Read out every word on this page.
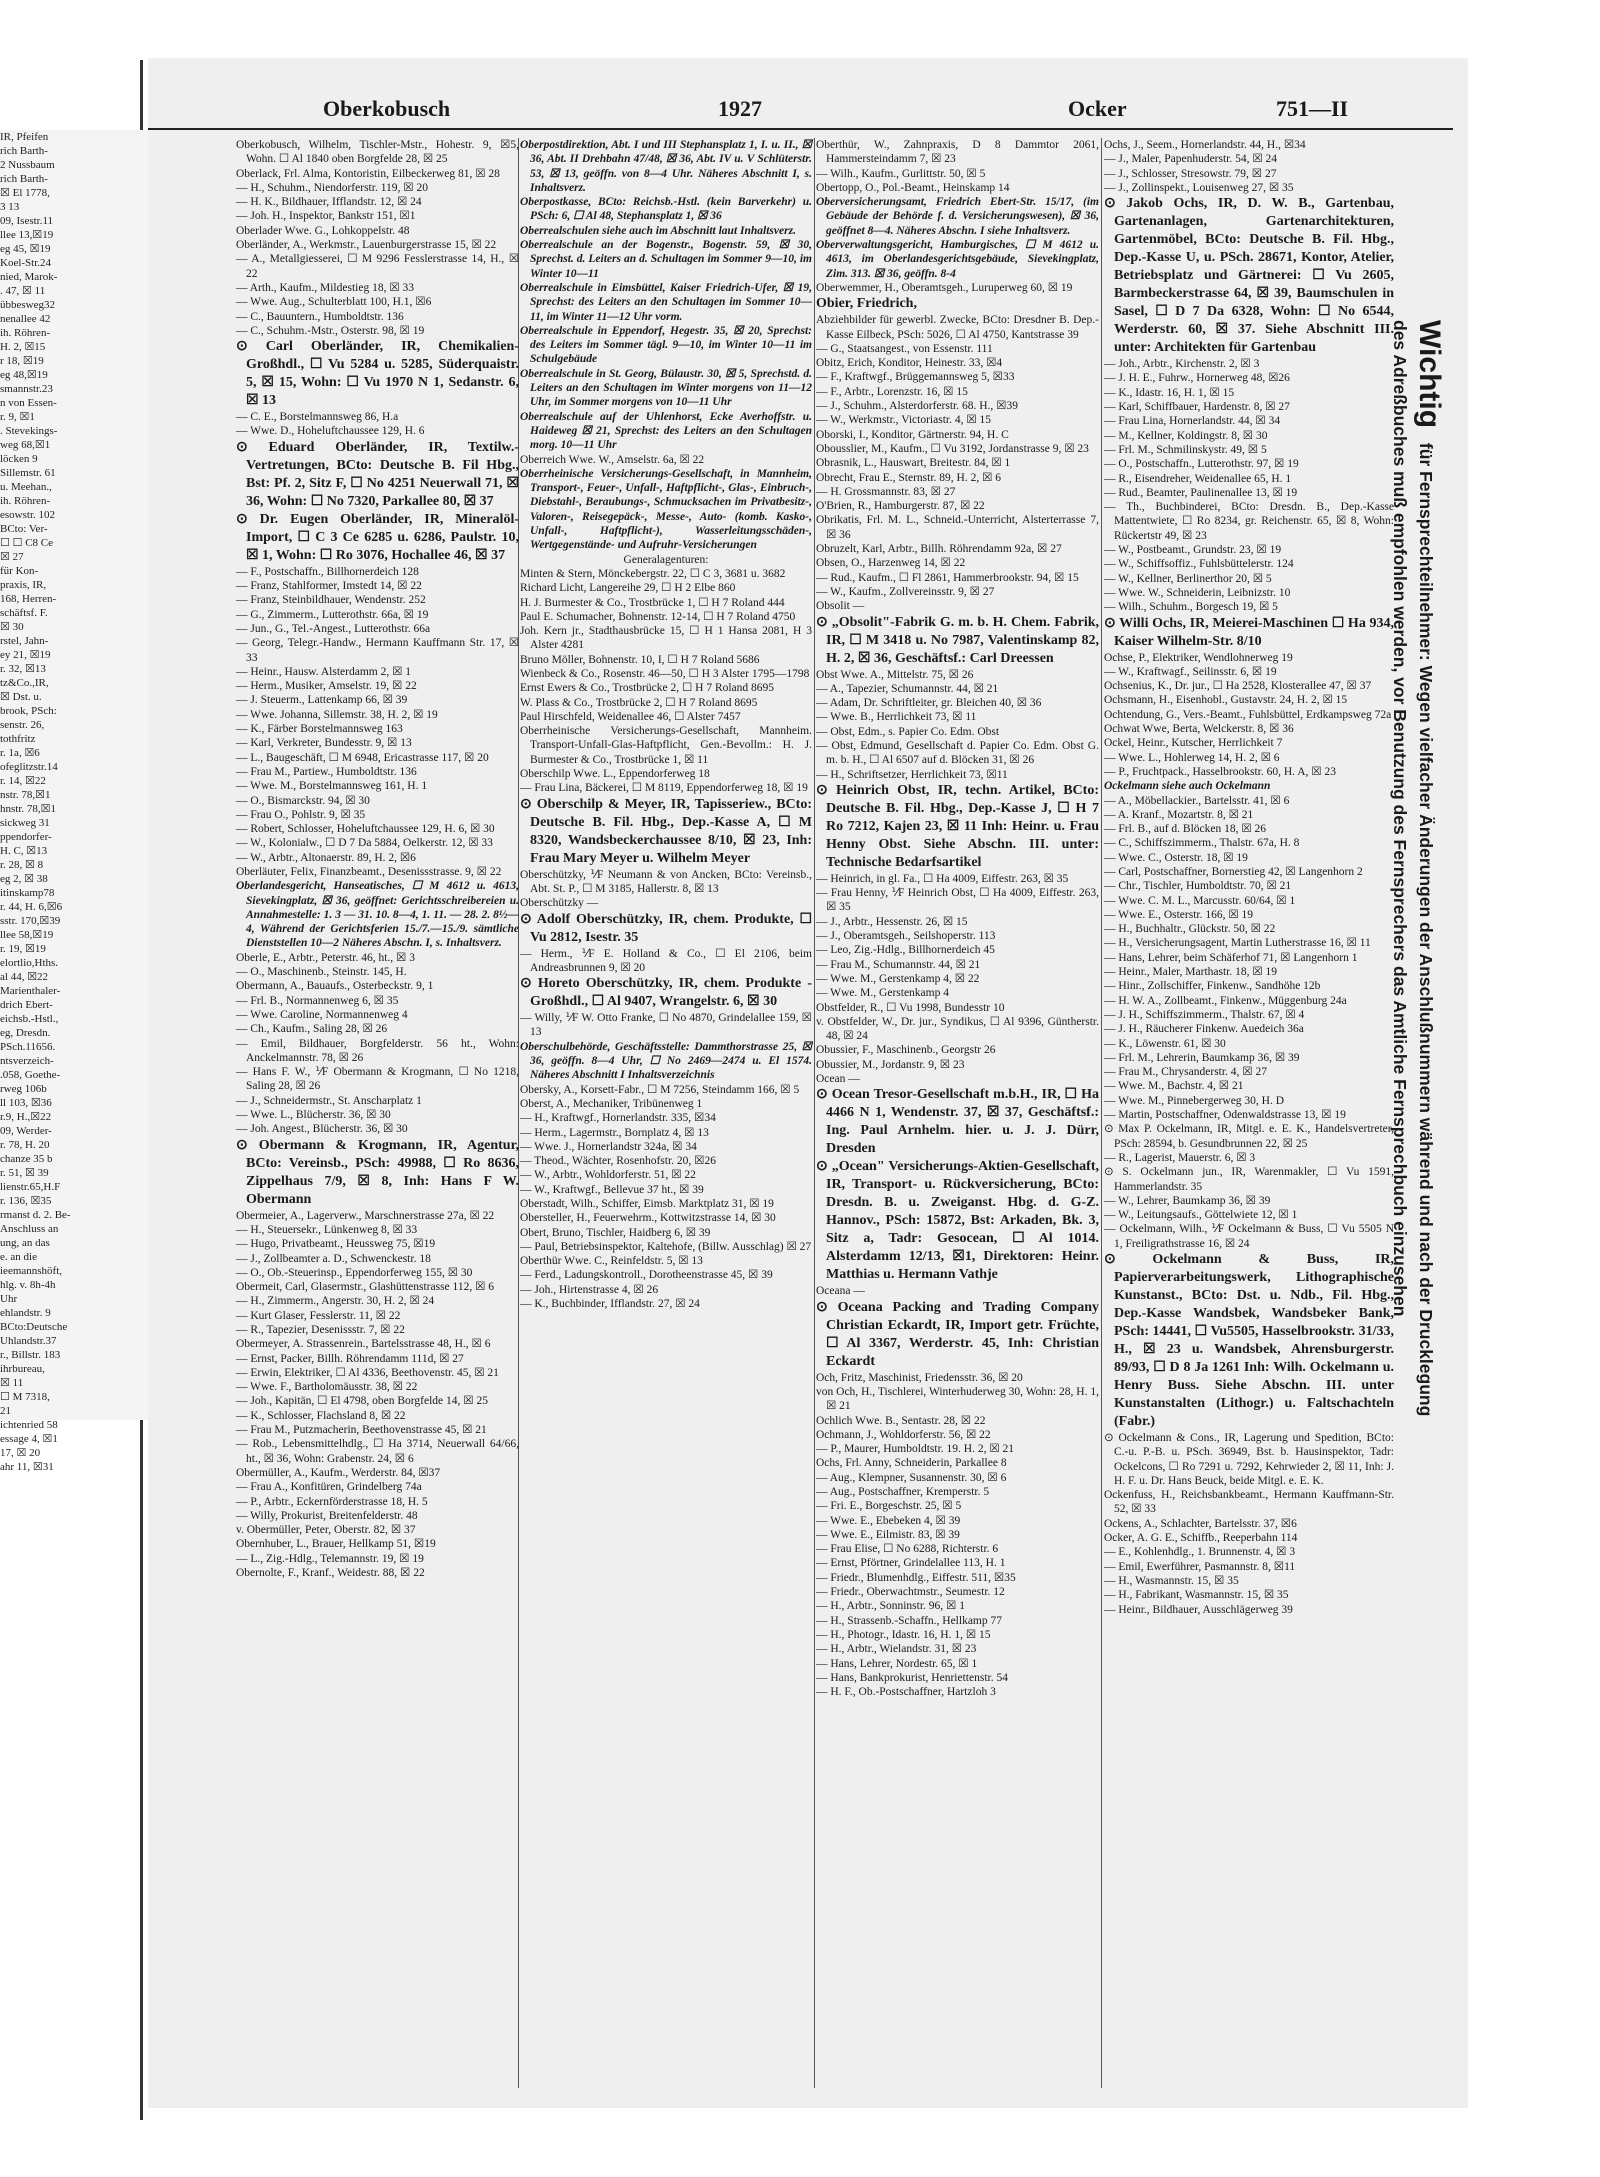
IR, Pfeifen
rich Barth-
2 Nussbaum
rich Barth-
☒ El 1778,
3 13
09, Isestr.11
llee 13,☒19
eg 45, ☒19
Koel-Str.24
nied, Marok-
. 47, ☒ 11
übbesweg32
nenallee 42
ih. Röhren-
H. 2, ☒15
r 18, ☒19
eg 48,☒19
smannstr.23
n von Essen-
r. 9, ☒1
. Stevekings-
weg 68,☒1
löcken 9
Sillemstr. 61
u. Meehan.,
ih. Röhren-
esowstr. 102
BCto: Ver-
☐ ☐ C8 Ce
☒ 27
für Kon-
praxis, IR,
168, Herren-
schäftsf. F.
☒ 30
rstel, Jahn-
ey 21, ☒19
r. 32, ☒13
tz&Co.,IR,
☒ Dst. u.
brook, PSch:
senstr. 26,
tothfritz
r. 1a, ☒6
ofeglitzstr.14
r. 14, ☒22
nstr. 78,☒1
hnstr. 78,☒1
sickweg 31
ppendorfer-
H. C, ☒13
r. 28, ☒ 8
eg 2, ☒ 38
itinskamp78
r. 44, H. 6,☒6
sstr. 170,☒39
llee 58,☒19
r. 19, ☒19
elortlio,Hths.
al 44, ☒22
Marienthaler-
drich Ebert-
eichsb.-Hstl.,
eg, Dresdn.
PSch.11656.
ntsverzeich-
.058, Goethe-
rweg 106b
ll 103, ☒36
r.9, H.,☒22
09, Werder-
r. 78, H. 20
chanze 35 b
r. 51, ☒ 39
lienstr.65,H.F
r. 136, ☒35
rmanst d. 2. Be-
Anschluss an
ung, an das
e. an die
ieemannshöft,
hlg. v. 8h-4h
Uhr
ehlandstr. 9
BCto:Deutsche
Uhlandstr.37
r., Billstr. 183
ihrbureau,
☒ 11
☐ M 7318,
21
ichtenried 58
essage 4, ☒1
17, ☒ 20
ahr 11, ☒31
Oberkobusch	1927	Ocker	751—II

Oberkobusch, Wilhelm, Tischler-Mstr., Hohestr. 9, ☒5, Wohn. ☐ Al 1840 oben Borgfelde 28, ☒ 25

Oberlack, Frl. Alma, Kontoristin, Eilbeckerweg 81, ☒ 28

— H., Schuhm., Niendorferstr. 119, ☒ 20

— H. K., Bildhauer, Ifflandstr. 12, ☒ 24

— Joh. H., Inspektor, Bankstr 151, ☒1

Oberlader Wwe. G., Lohkoppelstr. 48

Oberländer, A., Werkmstr., Lauenburgerstrasse 15, ☒ 22

— A., Metallgiesserei, ☐ M 9296 Fesslerstrasse 14, H., ☒ 22

— Arth., Kaufm., Mildestieg 18, ☒ 33

— Wwe. Aug., Schulterblatt 100, H.1, ☒6

— C., Bauuntern., Humboldtstr. 136

— C., Schuhm.-Mstr., Osterstr. 98, ☒ 19

⊙ Carl Oberländer, IR, Chemikalien-Großhdl., ☐ Vu 5284 u. 5285, Süderquaistr. 5, ☒ 15, Wohn: ☐ Vu 1970 N 1, Sedanstr. 6, ☒ 13

— C. E., Borstelmannsweg 86, H.a

— Wwe. D., Hoheluftchaussee 129, H. 6

⊙ Eduard Oberländer, IR, Textilw.-Vertretungen, BCto: Deutsche B. Fil Hbg., Bst: Pf. 2, Sitz F, ☐ No 4251 Neuerwall 71, ☒ 36, Wohn: ☐ No 7320, Parkallee 80, ☒ 37

⊙ Dr. Eugen Oberländer, IR, Mineralöl-Import, ☐ C 3 Ce 6285 u. 6286, Paulstr. 10, ☒ 1, Wohn: ☐ Ro 3076, Hochallee 46, ☒ 37

— F., Postschaffn., Billhornerdeich 128

— Franz, Stahlformer, Imstedt 14, ☒ 22

— Franz, Steinbildhauer, Wendenstr. 252

— G., Zimmerm., Lutterothstr. 66a, ☒ 19

— Jun., G., Tel.-Angest., Lutterothstr. 66a

— Georg, Telegr.-Handw., Hermann Kauffmann Str. 17, ☒ 33

— Heinr., Hausw. Alsterdamm 2, ☒ 1

— Herm., Musiker, Amselstr. 19, ☒ 22

— J. Steuerm., Lattenkamp 66, ☒ 39

— Wwe. Johanna, Sillemstr. 38, H. 2, ☒ 19

— K., Färber Borstelmannsweg 163

— Karl, Verkreter, Bundesstr. 9, ☒ 13

— L., Baugeschäft, ☐ M 6948, Ericastrasse 117, ☒ 20

— Frau M., Partiew., Humboldtstr. 136

— Wwe. M., Borstelmannsweg 161, H. 1

— O., Bismarckstr. 94, ☒ 30

— Frau O., Pohlstr. 9, ☒ 35

— Robert, Schlosser, Hoheluftchaussee 129, H. 6, ☒ 30

— W., Kolonialw., ☐ D 7 Da 5884, Oelkerstr. 12, ☒ 33

— W., Arbtr., Altonaerstr. 89, H. 2, ☒6

Oberläuter, Felix, Finanzbeamt., Desenissstrasse. 9, ☒ 22

Oberlandesgericht, Hanseatisches, ☐ M 4612 u. 4613, Sievekingplatz, ☒ 36, geöffnet: Gerichtsschreibereien u. Annahmestelle: 1. 3 — 31. 10. 8—4, 1. 11. — 28. 2. 8½—4, Während der Gerichtsferien 15./7.—15./9. sämtliche Dienststellen 10—2 Näheres Abschn. I, s. Inhaltsverz.

Oberle, E., Arbtr., Peterstr. 46, ht., ☒ 3

— O., Maschinenb., Steinstr. 145, H.

Obermann, A., Bauaufs., Osterbeckstr. 9, 1

— Frl. B., Normannenweg 6, ☒ 35

— Wwe. Caroline, Normannenweg 4

— Ch., Kaufm., Saling 28, ☒ 26

— Emil, Bildhauer, Borgfelderstr. 56 ht., Wohn: Anckelmannstr. 78, ☒ 26

— Hans F. W., ⅟F Obermann & Krogmann, ☐ No 1218, Saling 28, ☒ 26

— J., Schneidermstr., St. Anscharplatz 1

— Wwe. L., Blücherstr. 36, ☒ 30

— Joh. Angest., Blücherstr. 36, ☒ 30

⊙ Obermann & Krogmann, IR, Agentur, BCto: Vereinsb., PSch: 49988, ☐ Ro 8636, Zippelhaus 7/9, ☒ 8, Inh: Hans F W. Obermann

Obermeier, A., Lagerverw., Marschnerstrasse 27a, ☒ 22

— H., Steuersekr., Lünkenweg 8, ☒ 33

— Hugo, Privatbeamt., Heussweg 75, ☒19

— J., Zollbeamter a. D., Schwenckestr. 18

— O., Ob.-Steuerinsp., Eppendorferweg 155, ☒ 30

Obermeit, Carl, Glasermstr., Glashüttenstrasse 112, ☒ 6

— H., Zimmerm., Angerstr. 30, H. 2, ☒ 24

— Kurt Glaser, Fesslerstr. 11, ☒ 22

— R., Tapezier, Desenissstr. 7, ☒ 22

Obermeyer, A. Strassenrein., Bartelsstrasse 48, H., ☒ 6

— Ernst, Packer, Billh. Röhrendamm 111d, ☒ 27

— Erwin, Elektriker, ☐ Al 4336, Beethovenstr. 45, ☒ 21

— Wwe. F., Bartholomäusstr. 38, ☒ 22

— Joh., Kapitän, ☐ El 4798, oben Borgfelde 14, ☒ 25

— K., Schlosser, Flachsland 8, ☒ 22

— Frau M., Putzmacherin, Beethovenstrasse 45, ☒ 21

— Rob., Lebensmittelhdlg., ☐ Ha 3714, Neuerwall 64/66, ht., ☒ 36, Wohn: Grabenstr. 24, ☒ 6

Obermüller, A., Kaufm., Werderstr. 84, ☒37

— Frau A., Konfitüren, Grindelberg 74a

— P., Arbtr., Eckernförderstrasse 18, H. 5

— Willy, Prokurist, Breitenfelderstr. 48

v. Obermüller, Peter, Oberstr. 82, ☒ 37

Obernhuber, L., Brauer, Hellkamp 51, ☒19

— L., Zig.-Hdlg., Telemannstr. 19, ☒ 19

Obernolte, F., Kranf., Weidestr. 88, ☒ 22

Oberpostdirektion, Abt. I und III Stephansplatz 1, I. u. II., ☒ 36, Abt. II Drehbahn 47/48, ☒ 36, Abt. IV u. V Schlüterstr. 53, ☒ 13, geöffn. von 8—4 Uhr. Näheres Abschnitt I, s. Inhaltsverz.

Oberpostkasse, BCto: Reichsb.-Hstl. (kein Barverkehr) u. PSch: 6, ☐ Al 48, Stephansplatz 1, ☒ 36

Oberrealschulen siehe auch im Abschnitt laut Inhaltsverz.

Oberrealschule an der Bogenstr., Bogenstr. 59, ☒ 30, Sprechst. d. Leiters an d. Schultagen im Sommer 9—10, im Winter 10—11

Oberrealschule in Eimsbüttel, Kaiser Friedrich-Ufer, ☒ 19, Sprechst: des Leiters an den Schultagen im Sommer 10—11, im Winter 11—12 Uhr vorm.

Oberrealschule in Eppendorf, Hegestr. 35, ☒ 20, Sprechst: des Leiters im Sommer tägl. 9—10, im Winter 10—11 im Schulgebäude

Oberrealschule in St. Georg, Bülaustr. 30, ☒ 5, Sprechstd. d. Leiters an den Schultagen im Winter morgens von 11—12 Uhr, im Sommer morgens von 10—11 Uhr

Oberrealschule auf der Uhlenhorst, Ecke Averhoffstr. u. Haideweg ☒ 21, Sprechst: des Leiters an den Schultagen morg. 10—11 Uhr

Oberreich Wwe. W., Amselstr. 6a, ☒ 22

Oberrheinische Versicherungs-Gesellschaft, in Mannheim, Transport-, Feuer-, Unfall-, Haftpflicht-, Glas-, Einbruch-, Diebstahl-, Beraubungs-, Schmucksachen im Privatbesitz-, Valoren-, Reisegepäck-, Messe-, Auto- (komb. Kasko-, Unfall-, Haftpflicht-), Wasserleitungsschäden-, Wertgegenstände- und Aufruhr-Versicherungen

Generalagenturen:

Minten & Stern, Mönckebergstr. 22, ☐ C 3, 3681 u. 3682

Richard Licht, Langereihe 29, ☐ H 2 Elbe 860

H. J. Burmester & Co., Trostbrücke 1, ☐ H 7 Roland 444

Paul E. Schumacher, Bohnenstr. 12-14, ☐ H 7 Roland 4750

Joh. Kern jr., Stadthausbrücke 15, ☐ H 1 Hansa 2081, H 3 Alster 4281

Bruno Möller, Bohnenstr. 10, I, ☐ H 7 Roland 5686

Wienbeck & Co., Rosenstr. 46—50, ☐ H 3 Alster 1795—1798

Ernst Ewers & Co., Trostbrücke 2, ☐ H 7 Roland 8695

W. Plass & Co., Trostbrücke 2, ☐ H 7 Roland 8695

Paul Hirschfeld, Weidenallee 46, ☐ Alster 7457

Oberrheinische Versicherungs-Gesellschaft, Mannheim. Transport-Unfall-Glas-Haftpflicht, Gen.-Bevollm.: H. J. Burmester & Co., Trostbrücke 1, ☒ 11

Oberschilp Wwe. L., Eppendorferweg 18

— Frau Lina, Bäckerei, ☐ M 8119, Eppendorferweg 18, ☒ 19

⊙ Oberschilp & Meyer, IR, Tapisseriew., BCto: Deutsche B. Fil. Hbg., Dep.-Kasse A, ☐ M 8320, Wandsbeckerchaussee 8/10, ☒ 23, Inh: Frau Mary Meyer u. Wilhelm Meyer

Oberschützky, ⅟F Neumann & von Ancken, BCto: Vereinsb., Abt. St. P., ☐ M 3185, Hallerstr. 8, ☒ 13

Oberschützky —

⊙ Adolf Oberschützky, IR, chem. Produkte, ☐ Vu 2812, Isestr. 35

— Herm., ⅟F E. Holland & Co., ☐ El 2106, beim Andreasbrunnen 9, ☒ 20

⊙ Horeto Oberschützky, IR, chem. Produkte - Großhdl., ☐ Al 9407, Wrangelstr. 6, ☒ 30

— Willy, ⅟F W. Otto Franke, ☐ No 4870, Grindelallee 159, ☒ 13

Oberschulbehörde, Geschäftsstelle: Dammthorstrasse 25, ☒ 36, geöffn. 8—4 Uhr, ☐ No 2469—2474 u. El 1574. Näheres Abschnitt I Inhaltsverzeichnis

Obersky, A., Korsett-Fabr., ☐ M 7256, Steindamm 166, ☒ 5

Oberst, A., Mechaniker, Tribünenweg 1

— H., Kraftwgf., Hornerlandstr. 335, ☒34

— Herm., Lagermstr., Bornplatz 4, ☒ 13

— Wwe. J., Hornerlandstr 324a, ☒ 34

— Theod., Wächter, Rosenhofstr. 20, ☒26

— W., Arbtr., Wohldorferstr. 51, ☒ 22

— W., Kraftwgf., Bellevue 37 ht., ☒ 39

Oberstadt, Wilh., Schiffer, Eimsb. Marktplatz 31, ☒ 19

Obersteller, H., Feuerwehrm., Kottwitzstrasse 14, ☒ 30

Obert, Bruno, Tischler, Haidberg 6, ☒ 39

— Paul, Betriebsinspektor, Kaltehofe, (Billw. Ausschlag) ☒ 27

Oberthür Wwe. C., Reinfeldstr. 5, ☒ 13

— Ferd., Ladungskontroll., Dorotheenstrasse 45, ☒ 39

— Joh., Hirtenstrasse 4, ☒ 26

— K., Buchbinder, Ifflandstr. 27, ☒ 24

Oberthür, W., Zahnpraxis, D 8 Dammtor 2061, Hammersteindamm 7, ☒ 23

— Wilh., Kaufm., Gurlittstr. 50, ☒ 5

Obertopp, O., Pol.-Beamt., Heinskamp 14

Oberversicherungsamt, Friedrich Ebert-Str. 15/17, (im Gebäude der Behörde f. d. Versicherungswesen), ☒ 36, geöffnet 8—4. Näheres Abschn. I siehe Inhaltsverz.

Oberverwaltungsgericht, Hamburgisches, ☐ M 4612 u. 4613, im Oberlandesgerichtsgebäude, Sievekingplatz, Zim. 313. ☒ 36, geöffn. 8-4

Oberwemmer, H., Oberamtsgeh., Luruperweg 60, ☒ 19

Obier, Friedrich,

Abziehbilder für gewerbl. Zwecke, BCto: Dresdner B. Dep.-Kasse Eilbeck, PSch: 5026, ☐ Al 4750, Kantstrasse 39

— G., Staatsangest., von Essenstr. 111

Obitz, Erich, Konditor, Heinestr. 33, ☒4

— F., Kraftwgf., Brüggemannsweg 5, ☒33

— F., Arbtr., Lorenzstr. 16, ☒ 15

— J., Schuhm., Alsterdorferstr. 68. H., ☒39

— W., Werkmstr., Victoriastr. 4, ☒ 15

Oborski, I., Konditor, Gärtnerstr. 94, H. C

Obousslier, M., Kaufm., ☐ Vu 3192, Jordanstrasse 9, ☒ 23

Obrasnik, L., Hauswart, Breitestr. 84, ☒ 1

Obrecht, Frau E., Sternstr. 89, H. 2, ☒ 6

— H. Grossmannstr. 83, ☒ 27

O'Brien, R., Hamburgerstr. 87, ☒ 22

Obrikatis, Frl. M. L., Schneid.-Unterricht, Alsterterrasse 7, ☒ 36

Obruzelt, Karl, Arbtr., Billh. Röhrendamm 92a, ☒ 27

Obsen, O., Harzenweg 14, ☒ 22

— Rud., Kaufm., ☐ Fl 2861, Hammerbrookstr. 94, ☒ 15

— W., Kaufm., Zollvereinsstr. 9, ☒ 27

Obsolit —

⊙ „Obsolit"-Fabrik G. m. b. H. Chem. Fabrik, IR, ☐ M 3418 u. No 7987, Valentinskamp 82, H. 2, ☒ 36, Geschäftsf.: Carl Dreessen

Obst Wwe. A., Mittelstr. 75, ☒ 26

— A., Tapezier, Schumannstr. 44, ☒ 21

— Adam, Dr. Schriftleiter, gr. Bleichen 40, ☒ 36

— Wwe. B., Herrlichkeit 73, ☒ 11

— Obst, Edm., s. Papier Co. Edm. Obst

— Obst, Edmund, Gesellschaft d. Papier Co. Edm. Obst G. m. b. H., ☐ Al 6507 auf d. Blöcken 31, ☒ 26

— H., Schriftsetzer, Herrlichkeit 73, ☒11

⊙ Heinrich Obst, IR, techn. Artikel, BCto: Deutsche B. Fil. Hbg., Dep.-Kasse J, ☐ H 7 Ro 7212, Kajen 23, ☒ 11 Inh: Heinr. u. Frau Henny Obst. Siehe Abschn. III. unter: Technische Bedarfsartikel

— Heinrich, in gl. Fa., ☐ Ha 4009, Eiffestr. 263, ☒ 35

— Frau Henny, ⅟F Heinrich Obst, ☐ Ha 4009, Eiffestr. 263, ☒ 35

— J., Arbtr., Hessenstr. 26, ☒ 15

— J., Oberamtsgeh., Seilshoperstr. 113

— Leo, Zig.-Hdlg., Billhornerdeich 45

— Frau M., Schumannstr. 44, ☒ 21

— Wwe. M., Gerstenkamp 4, ☒ 22

— Wwe. M., Gerstenkamp 4

Obstfelder, R., ☐ Vu 1998, Bundesstr 10

v. Obstfelder, W., Dr. jur., Syndikus, ☐ Al 9396, Güntherstr. 48, ☒ 24

Obussier, F., Maschinenb., Georgstr 26

Obussier, M., Jordanstr. 9, ☒ 23

Ocean —

⊙ Ocean Tresor-Gesellschaft m.b.H., IR, ☐ Ha 4466 N 1, Wendenstr. 37, ☒ 37, Geschäftsf.: Ing. Paul Arnhelm. hier. u. J. J. Dürr, Dresden

⊙ „Ocean" Versicherungs-Aktien-Gesellschaft, IR, Transport- u. Rückversicherung, BCto: Dresdn. B. u. Zweiganst. Hbg. d. G-Z. Hannov., PSch: 15872, Bst: Arkaden, Bk. 3, Sitz a, Tadr: Gesocean, ☐ Al 1014. Alsterdamm 12/13, ☒1, Direktoren: Heinr. Matthias u. Hermann Vathje

Oceana —

⊙ Oceana Packing and Trading Company Christian Eckardt, IR, Import getr. Früchte, ☐ Al 3367, Werderstr. 45, Inh: Christian Eckardt

Och, Fritz, Maschinist, Friedensstr. 36, ☒ 20

von Och, H., Tischlerei, Winterhuderweg 30, Wohn: 28, H. 1, ☒ 21

Ochlich Wwe. B., Sentastr. 28, ☒ 22

Ochmann, J., Wohldorferstr. 56, ☒ 22

— P., Maurer, Humboldtstr. 19. H. 2, ☒ 21

Ochs, Frl. Anny, Schneiderin, Parkallee 8

— Aug., Klempner, Susannenstr. 30, ☒ 6

— Aug., Postschaffner, Kremperstr. 5

— Fri. E., Borgeschstr. 25, ☒ 5

— Wwe. E., Ebebeken 4, ☒ 39

— Wwe. E., Eilmistr. 83, ☒ 39

— Frau Elise, ☐ No 6288, Richterstr. 6

— Ernst, Pförtner, Grindelallee 113, H. 1

— Friedr., Blumenhdlg., Eiffestr. 511, ☒35

— Friedr., Oberwachtmstr., Seumestr. 12

— H., Arbtr., Sonninstr. 96, ☒ 1

— H., Strassenb.-Schaffn., Hellkamp 77

— H., Photogr., Idastr. 16, H. 1, ☒ 15

— H., Arbtr., Wielandstr. 31, ☒ 23

— Hans, Lehrer, Nordestr. 65, ☒ 1

— Hans, Bankprokurist, Henriettenstr. 54

— H. F., Ob.-Postschaffner, Hartzloh 3

Ochs, J., Seem., Hornerlandstr. 44, H., ☒34

— J., Maler, Papenhuderstr. 54, ☒ 24

— J., Schlosser, Stresowstr. 79, ☒ 27

— J., Zollinspekt., Louisenweg 27, ☒ 35

⊙ Jakob Ochs, IR, D. W. B., Gartenbau, Gartenanlagen, Gartenarchitekturen, Gartenmöbel, BCto: Deutsche B. Fil. Hbg., Dep.-Kasse U, u. PSch. 28671, Kontor, Atelier, Betriebsplatz und Gärtnerei: ☐ Vu 2605, Barmbeckerstrasse 64, ☒ 39, Baumschulen in Sasel, ☐ D 7 Da 6328, Wohn: ☐ No 6544, Werderstr. 60, ☒ 37. Siehe Abschnitt III. unter: Architekten für Gartenbau

— Joh., Arbtr., Kirchenstr. 2, ☒ 3

— J. H. E., Fuhrw., Hornerweg 48, ☒26

— K., Idastr. 16, H. 1, ☒ 15

— Karl, Schiffbauer, Hardenstr. 8, ☒ 27

— Frau Lina, Hornerlandstr. 44, ☒ 34

— M., Kellner, Koldingstr. 8, ☒ 30

— Frl. M., Schmilinskystr. 49, ☒ 5

— O., Postschaffn., Lutterothstr. 97, ☒ 19

— R., Eisendreher, Weidenallee 65, H. 1

— Rud., Beamter, Paulinenallee 13, ☒ 19

— Th., Buchbinderei, BCto: Dresdn. B., Dep.-Kasse Mattentwiete, ☐ Ro 8234, gr. Reichenstr. 65, ☒ 8, Wohn: Rückertstr 49, ☒ 23

— W., Postbeamt., Grundstr. 23, ☒ 19

— W., Schiffsoffiz., Fuhlsbüttelerstr. 124

— W., Kellner, Berlinerthor 20, ☒ 5

— Wwe. W., Schneiderin, Leibnizstr. 10

— Wilh., Schuhm., Borgesch 19, ☒ 5

⊙ Willi Ochs, IR, Meierei-Maschinen ☐ Ha 934, Kaiser Wilhelm-Str. 8/10

Ochse, P., Elektriker, Wendlohnerweg 19

— W., Kraftwagf., Seilinsstr. 6, ☒ 19

Ochsenius, K., Dr. jur., ☐ Ha 2528, Klosterallee 47, ☒ 37

Ochsmann, H., Eisenhobl., Gustavstr. 24, H. 2, ☒ 15

Ochtendung, G., Vers.-Beamt., Fuhlsbüttel, Erdkampsweg 72a

Ochwat Wwe, Berta, Welckerstr. 8, ☒ 36

Ockel, Heinr., Kutscher, Herrlichkeit 7

— Wwe. L., Hohlerweg 14, H. 2, ☒ 6

— P., Fruchtpack., Hasselbrookstr. 60, H. A, ☒ 23

Ockelmann siehe auch Ockelmann

— A., Möbellackier., Bartelsstr. 41, ☒ 6

— A. Kranf., Mozartstr. 8, ☒ 21

— Frl. B., auf d. Blöcken 18, ☒ 26

— C., Schiffszimmerm., Thalstr. 67a, H. 8

— Wwe. C., Osterstr. 18, ☒ 19

— Carl, Postschaffner, Bornerstieg 42, ☒ Langenhorn 2

— Chr., Tischler, Humboldtstr. 70, ☒ 21

— Wwe. C. M. L., Marcusstr. 60/64, ☒ 1

— Wwe. E., Osterstr. 166, ☒ 19

— H., Buchhaltr., Glückstr. 50, ☒ 22

— H., Versicherungsagent, Martin Lutherstrasse 16, ☒ 11

— Hans, Lehrer, beim Schäferhof 71, ☒ Langenhorn 1

— Heinr., Maler, Marthastr. 18, ☒ 19

— Hinr., Zollschiffer, Finkenw., Sandhöhe 12b

— H. W. A., Zollbeamt., Finkenw., Müggenburg 24a

— J. H., Schiffszimmerm., Thalstr. 67, ☒ 4

— J. H., Räucherer Finkenw. Auedeich 36a

— K., Löwenstr. 61, ☒ 30

— Frl. M., Lehrerin, Baumkamp 36, ☒ 39

— Frau M., Chrysanderstr. 4, ☒ 27

— Wwe. M., Bachstr. 4, ☒ 21

— Wwe. M., Pinnebergerweg 30, H. D

— Martin, Postschaffner, Odenwaldstrasse 13, ☒ 19

⊙ Max P. Ockelmann, IR, Mitgl. e. E. K., Handelsvertreter, PSch: 28594, b. Gesundbrunnen 22, ☒ 25

— R., Lagerist, Mauerstr. 6, ☒ 3

⊙ S. Ockelmann jun., IR, Warenmakler, ☐ Vu 1591, Hammerlandstr. 35

— W., Lehrer, Baumkamp 36, ☒ 39

— W., Leitungsaufs., Göttelwiete 12, ☒ 1

— Ockelmann, Wilh., ⅟F Ockelmann & Buss, ☐ Vu 5505 N 1, Freiligrathstrasse 16, ☒ 24

⊙ Ockelmann & Buss, IR, Papierverarbeitungswerk, Lithographische Kunstanst., BCto: Dst. u. Ndb., Fil. Hbg., Dep.-Kasse Wandsbek, Wandsbeker Bank, PSch: 14441, ☐ Vu5505, Hasselbrookstr. 31/33, H., ☒ 23 u. Wandsbek, Ahrensburgerstr. 89/93, ☐ D 8 Ja 1261 Inh: Wilh. Ockelmann u. Henry Buss. Siehe Abschn. III. unter Kunstanstalten (Lithogr.) u. Faltschachteln (Fabr.)

⊙ Ockelmann & Cons., IR, Lagerung und Spedition, BCto: C.-u. P.-B. u. PSch. 36949, Bst. b. Hausinspektor, Tadr: Ockelcons, ☐ Ro 7291 u. 7292, Kehrwieder 2, ☒ 11, Inh: J. H. F. u. Dr. Hans Beuck, beide Mitgl. e. E. K.

Ockenfuss, H., Reichsbankbeamt., Hermann Kauffmann-Str. 52, ☒ 33

Ockens, A., Schlachter, Bartelsstr. 37, ☒6

Ocker, A. G. E., Schiffb., Reeperbahn 114

— E., Kohlenhdlg., 1. Brunnenstr. 4, ☒ 3

— Emil, Ewerführer, Pasmannstr. 8, ☒11

— H., Wasmannstr. 15, ☒ 35

— H., Fabrikant, Wasmannstr. 15, ☒ 35

— Heinr., Bildhauer, Ausschlägerweg 39

Wichtig für Fernsprechteilnehmer: Wegen vielfacher Änderungen der Anschlußnummern während und nach der Drucklegung
des Adreßbuches muß empfohlen werden, vor Benutzung des Fernsprechers das Amtliche Fernsprechbuch einzusehen
